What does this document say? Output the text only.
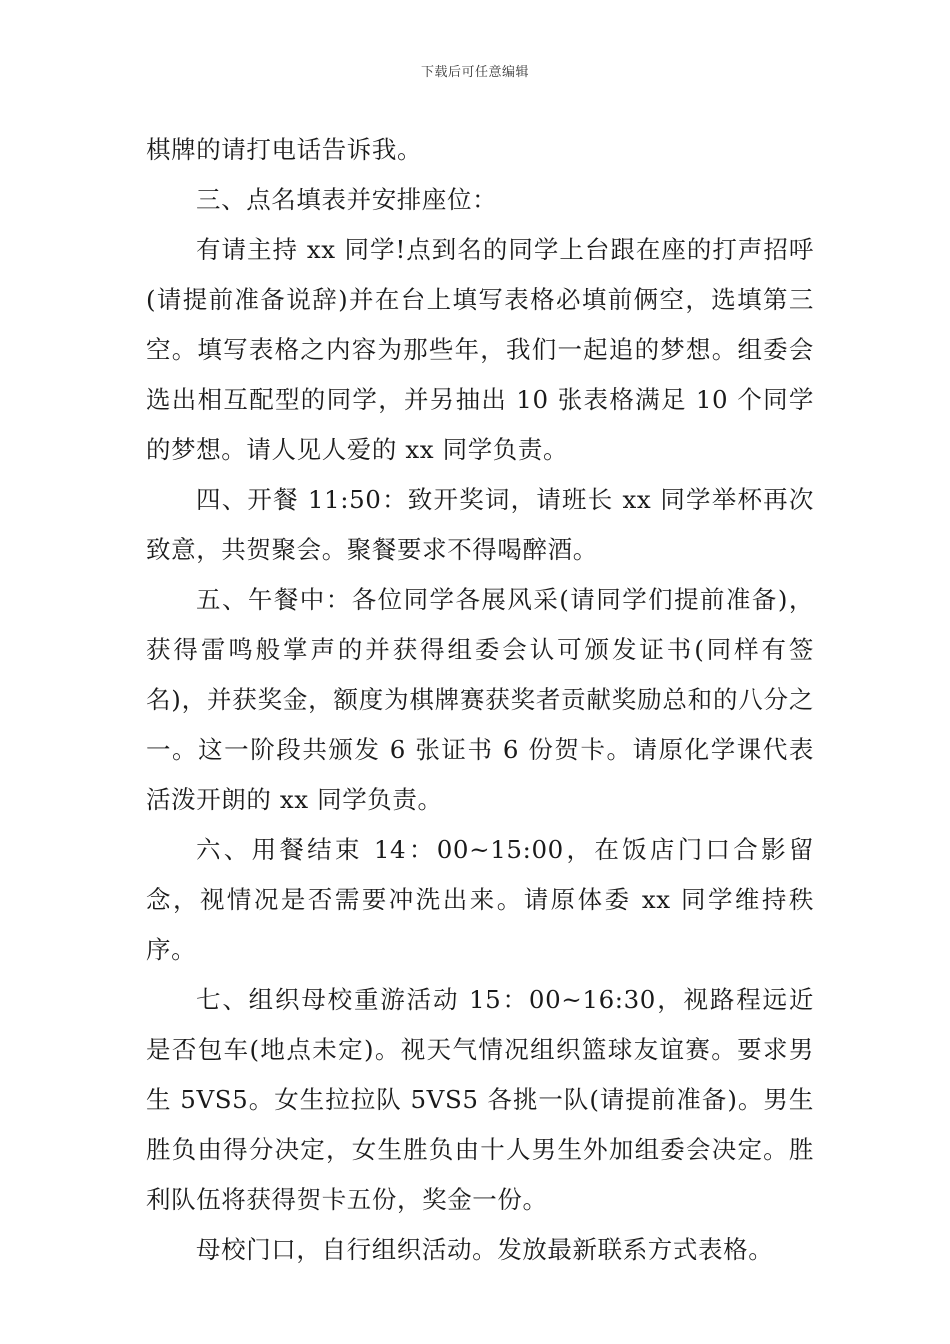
下载后可任意编辑

棋牌的请打电话告诉我。

三、点名填表并安排座位：

有请主持 xx 同学!点到名的同学上台跟在座的打声招呼(请提前准备说辞)并在台上填写表格必填前俩空，选填第三空。填写表格之内容为那些年，我们一起追的梦想。组委会选出相互配型的同学，并另抽出 10 张表格满足 10 个同学的梦想。请人见人爱的 xx 同学负责。

四、开餐 11:50：致开奖词，请班长 xx 同学举杯再次致意，共贺聚会。聚餐要求不得喝醉酒。

五、午餐中：各位同学各展风采(请同学们提前准备)，获得雷鸣般掌声的并获得组委会认可颁发证书(同样有签名)，并获奖金，额度为棋牌赛获奖者贡献奖励总和的八分之一。这一阶段共颁发 6 张证书 6 份贺卡。请原化学课代表活泼开朗的 xx 同学负责。

六、用餐结束 14：00~15:00，在饭店门口合影留念，视情况是否需要冲洗出来。请原体委 xx 同学维持秩序。

七、组织母校重游活动 15：00~16:30，视路程远近是否包车(地点未定)。视天气情况组织篮球友谊赛。要求男生 5VS5。女生拉拉队 5VS5 各挑一队(请提前准备)。男生胜负由得分决定，女生胜负由十人男生外加组委会决定。胜利队伍将获得贺卡五份，奖金一份。

母校门口，自行组织活动。发放最新联系方式表格。
